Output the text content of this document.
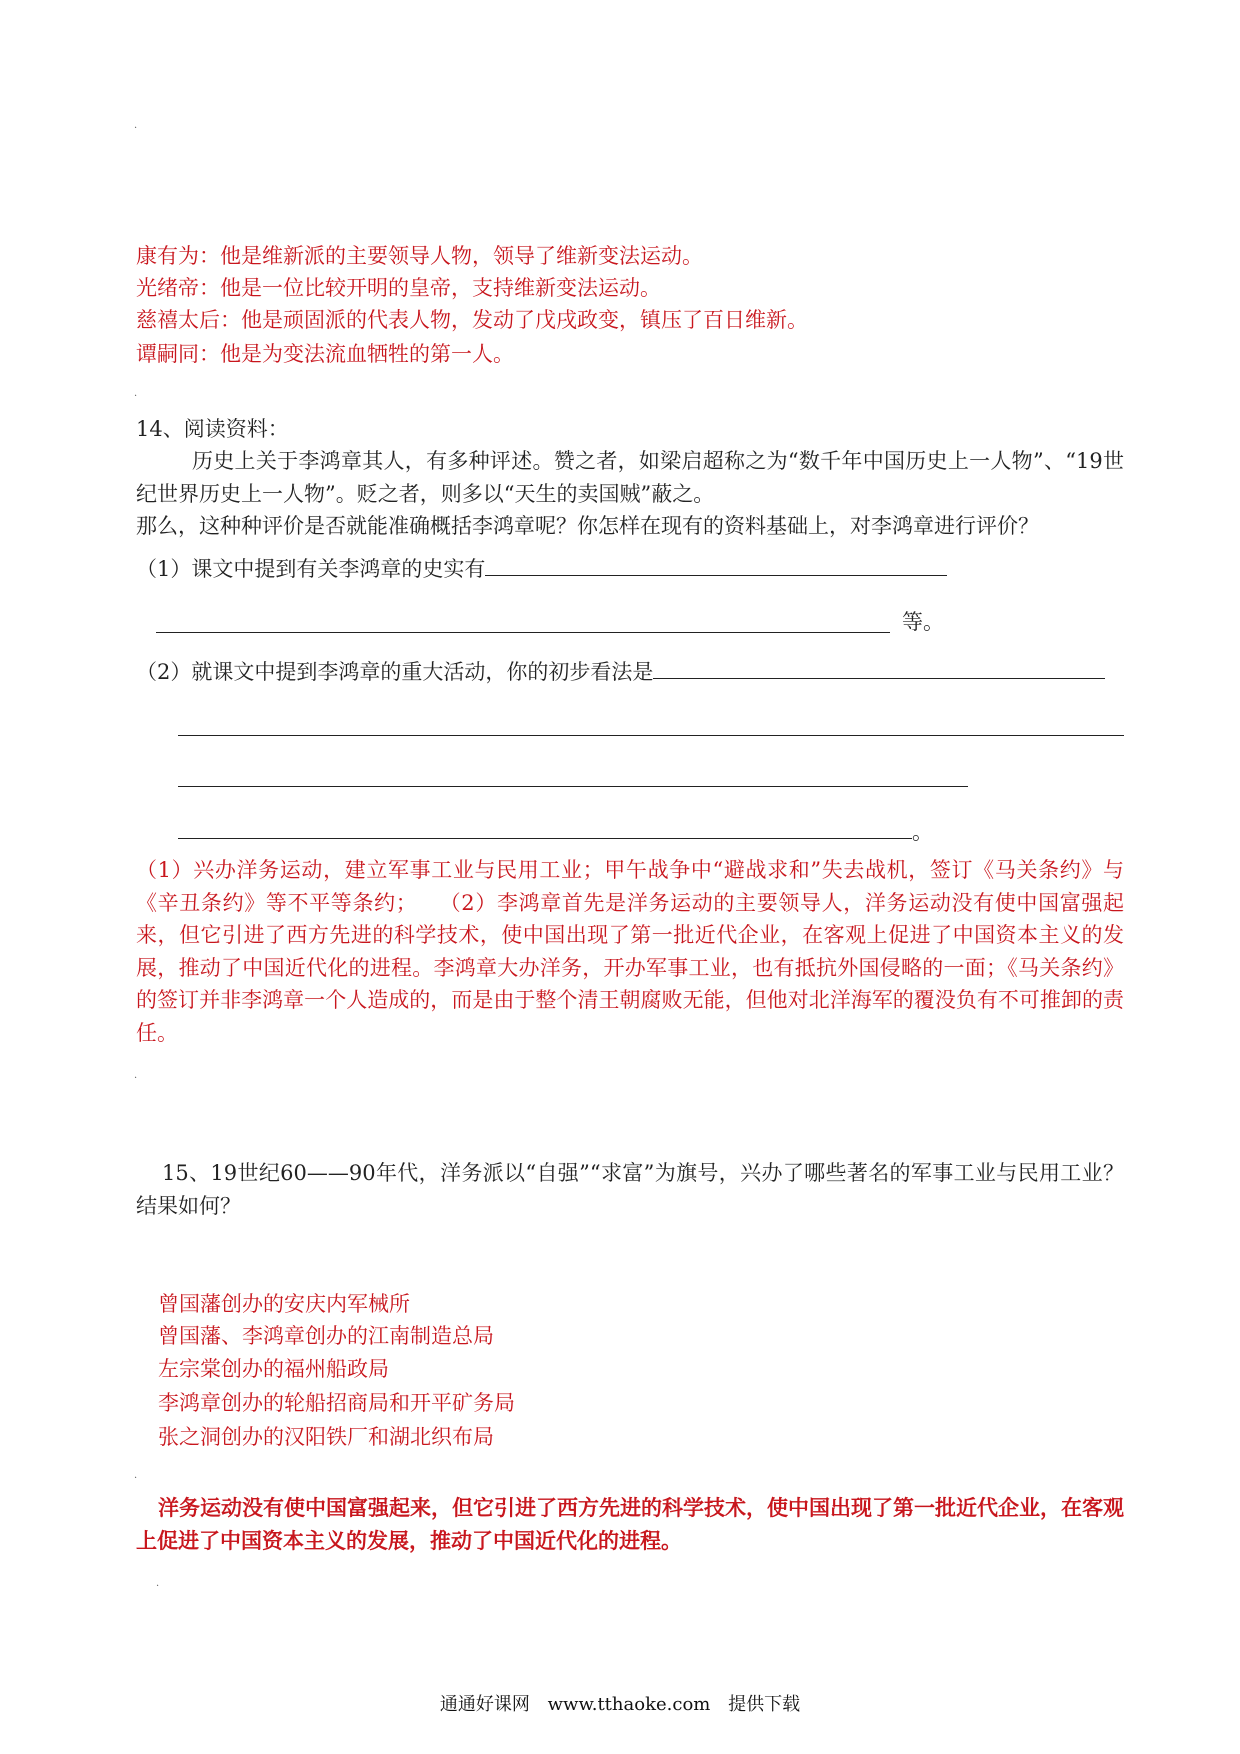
·
康有为：他是维新派的主要领导人物，领导了维新变法运动。
光绪帝：他是一位比较开明的皇帝，支持维新变法运动。
慈禧太后：他是顽固派的代表人物，发动了戊戌政变，镇压了百日维新。
谭嗣同：他是为变法流血牺牲的第一人。
·
14、阅读资料：
历史上关于李鸿章其人，有多种评述。赞之者，如梁启超称之为“数千年中国历史上一人物”、“19世纪世界历史上一人物”。贬之者，则多以“天生的卖国贼”蔽之。
那么，这种种评价是否就能准确概括李鸿章呢？你怎样在现有的资料基础上，对李鸿章进行评价？
（1）课文中提到有关李鸿章的史实有
等。
（2）就课文中提到李鸿章的重大活动，你的初步看法是
。
（1）兴办洋务运动，建立军事工业与民用工业；甲午战争中“避战求和”失去战机，签订《马关条约》与《辛丑条约》等不平等条约；　　（2）李鸿章首先是洋务运动的主要领导人，洋务运动没有使中国富强起来，但它引进了西方先进的科学技术，使中国出现了第一批近代企业，在客观上促进了中国资本主义的发展，推动了中国近代化的进程。李鸿章大办洋务，开办军事工业，也有抵抗外国侵略的一面；《马关条约》的签订并非李鸿章一个人造成的，而是由于整个清王朝腐败无能，但他对北洋海军的覆没负有不可推卸的责任。
·
15、19世纪60——90年代，洋务派以“自强”“求富”为旗号，兴办了哪些著名的军事工业与民用工业？结果如何？
曾国藩创办的安庆内军械所
曾国藩、李鸿章创办的江南制造总局
左宗棠创办的福州船政局
李鸿章创办的轮船招商局和开平矿务局
张之洞创办的汉阳铁厂和湖北织布局
·
洋务运动没有使中国富强起来，但它引进了西方先进的科学技术，使中国出现了第一批近代企业，在客观上促进了中国资本主义的发展，推动了中国近代化的进程。
·
通通好课网 www.tthaoke.com 提供下载
